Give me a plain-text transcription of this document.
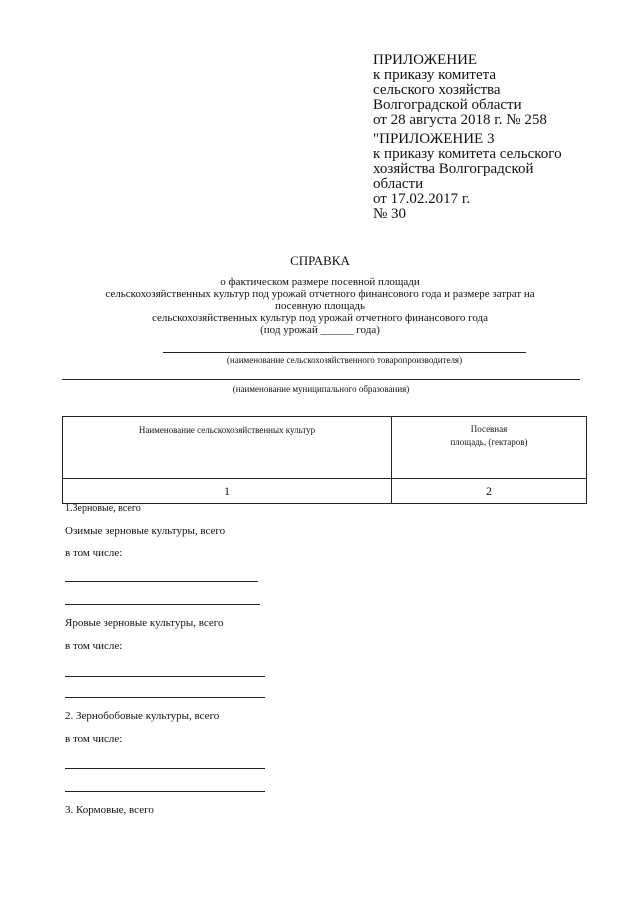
ПРИЛОЖЕНИЕ
к приказу комитета
сельского хозяйства
Волгоградской области
от 28 августа 2018 г. № 258
"ПРИЛОЖЕНИЕ 3
к приказу комитета сельского
хозяйства Волгоградской
области
от 17.02.2017 г.
№ 30
СПРАВКА
о фактическом размере посевной площади
сельскохозяйственных культур под урожай отчетного финансового года и размере затрат на
посевную площадь
сельскохозяйственных культур под урожай отчетного финансового года
(под урожай ______ года)
(наименование сельскохозяйственного товаропроизводителя)
(наименование муниципального образования)
Наименование сельскохозяйственных культур	Посевная
площадь, (гектаров)

1	2
1.Зерновые, всего
Озимые зерновые культуры, всего
в том числе:
Яровые зерновые культуры, всего
в том числе:
2. Зернобобовые культуры, всего
в том числе:
3. Кормовые, всего
